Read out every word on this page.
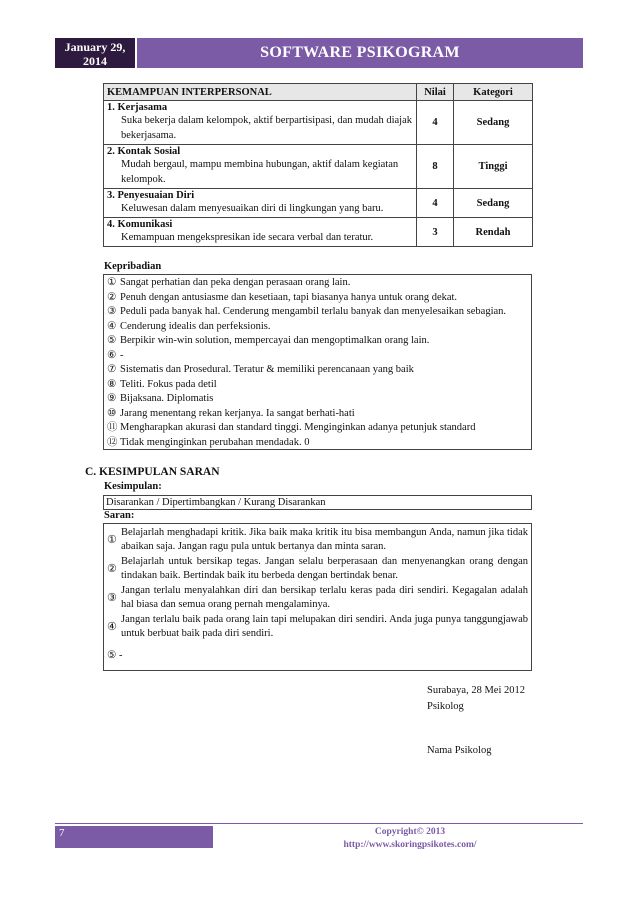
January 29, 2014	SOFTWARE PSIKOGRAM
KEMAMPUAN INTERPERSONAL	Nilai	Kategori

1. Kerjasama
Suka bekerja dalam kelompok, aktif berpartisipasi, dan mudah diajak bekerjasama.	4	Sedang

2. Kontak Sosial
Mudah bergaul, mampu membina hubungan, aktif dalam kegiatan kelompok.	8	Tinggi

3. Penyesuaian Diri
Keluwesan dalam menyesuaikan diri di lingkungan yang baru.	4	Sedang

4. Komunikasi
Kemampuan mengekspresikan ide secara verbal dan teratur.	3	Rendah
Kepribadian
① Sangat perhatian dan peka dengan perasaan orang lain.
② Penuh dengan antusiasme dan kesetiaan, tapi biasanya hanya untuk orang dekat.
③ Peduli pada banyak hal. Cenderung mengambil terlalu banyak dan menyelesaikan sebagian.
④ Cenderung idealis dan perfeksionis.
⑤ Berpikir win-win solution, mempercayai dan mengoptimalkan orang lain.
⑥ -
⑦ Sistematis dan Prosedural. Teratur & memiliki perencanaan yang baik
⑧ Teliti. Fokus pada detil
⑨ Bijaksana. Diplomatis
⑩ Jarang menentang rekan kerjanya. Ia sangat berhati-hati
⑪ Mengharapkan akurasi dan standard tinggi. Menginginkan adanya petunjuk standard
⑫ Tidak menginginkan perubahan mendadak. 0
C. KESIMPULAN SARAN
Kesimpulan:
Disarankan / Dipertimbangkan / Kurang Disarankan
Saran:
①
Belajarlah menghadapi kritik. Jika baik maka kritik itu bisa membangun Anda, namun jika tidak abaikan saja. Jangan ragu pula untuk bertanya dan minta saran.
②
Belajarlah untuk bersikap tegas. Jangan selalu berperasaan dan menyenangkan orang dengan tindakan baik. Bertindak baik itu berbeda dengan bertindak benar.
③
Jangan terlalu menyalahkan diri dan bersikap terlalu keras pada diri sendiri. Kegagalan adalah hal biasa dan semua orang pernah mengalaminya.
④
Jangan terlalu baik pada orang lain tapi melupakan diri sendiri. Anda juga punya tanggungjawab untuk berbuat baik pada diri sendiri.
⑤ -
Surabaya, 28 Mei 2012
Psikolog
Nama Psikolog
7	Copyright© 2013
http://www.skoringpsikotes.com/
